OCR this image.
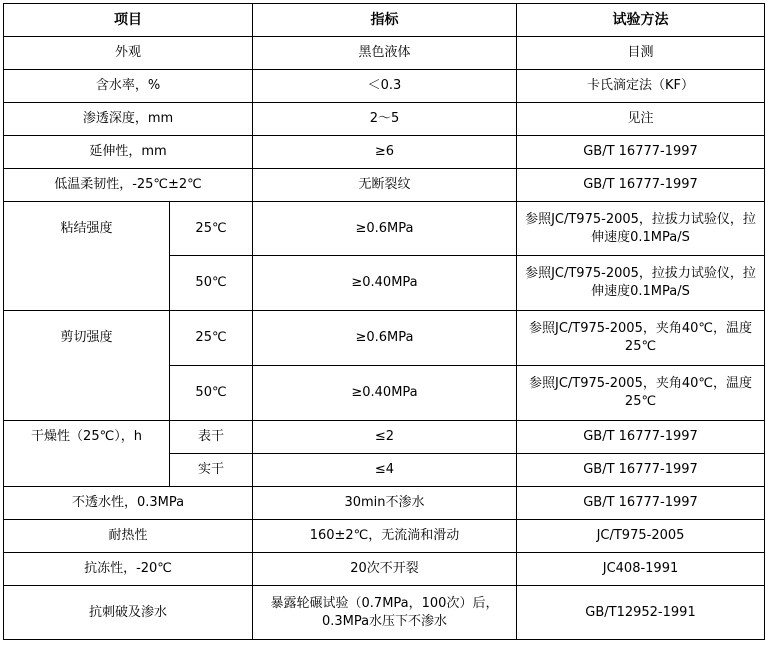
项目		指标	试验方法
外观		黑色液体	目测
含水率，%		＜0.3	卡氏滴定法（KF）
渗透深度，mm		2～5	见注
延伸性，mm		≥6	GB/T 16777-1997
低温柔韧性，-25℃±2℃		无断裂纹	GB/T 16777-1997
粘结强度	25℃	≥0.6MPa	参照JC/T975-2005，拉拔力试验仪，拉伸速度0.1MPa/S
	50℃	≥0.40MPa	参照JC/T975-2005，拉拔力试验仪，拉伸速度0.1MPa/S
剪切强度	25℃	≥0.6MPa	参照JC/T975-2005，夹角40℃，温度25℃
	50℃	≥0.40MPa	参照JC/T975-2005，夹角40℃，温度25℃
干燥性（25℃），h	表干	≤2	GB/T 16777-1997
	实干	≤4	GB/T 16777-1997
不透水性，0.3MPa		30min不渗水	GB/T 16777-1997
耐热性		160±2℃，无流淌和滑动	JC/T975-2005
抗冻性，-20℃		20次不开裂	JC408-1991
抗刺破及渗水		暴露轮碾试验（0.7MPa，100次）后，0.3MPa水压下不渗水	GB/T12952-1991
